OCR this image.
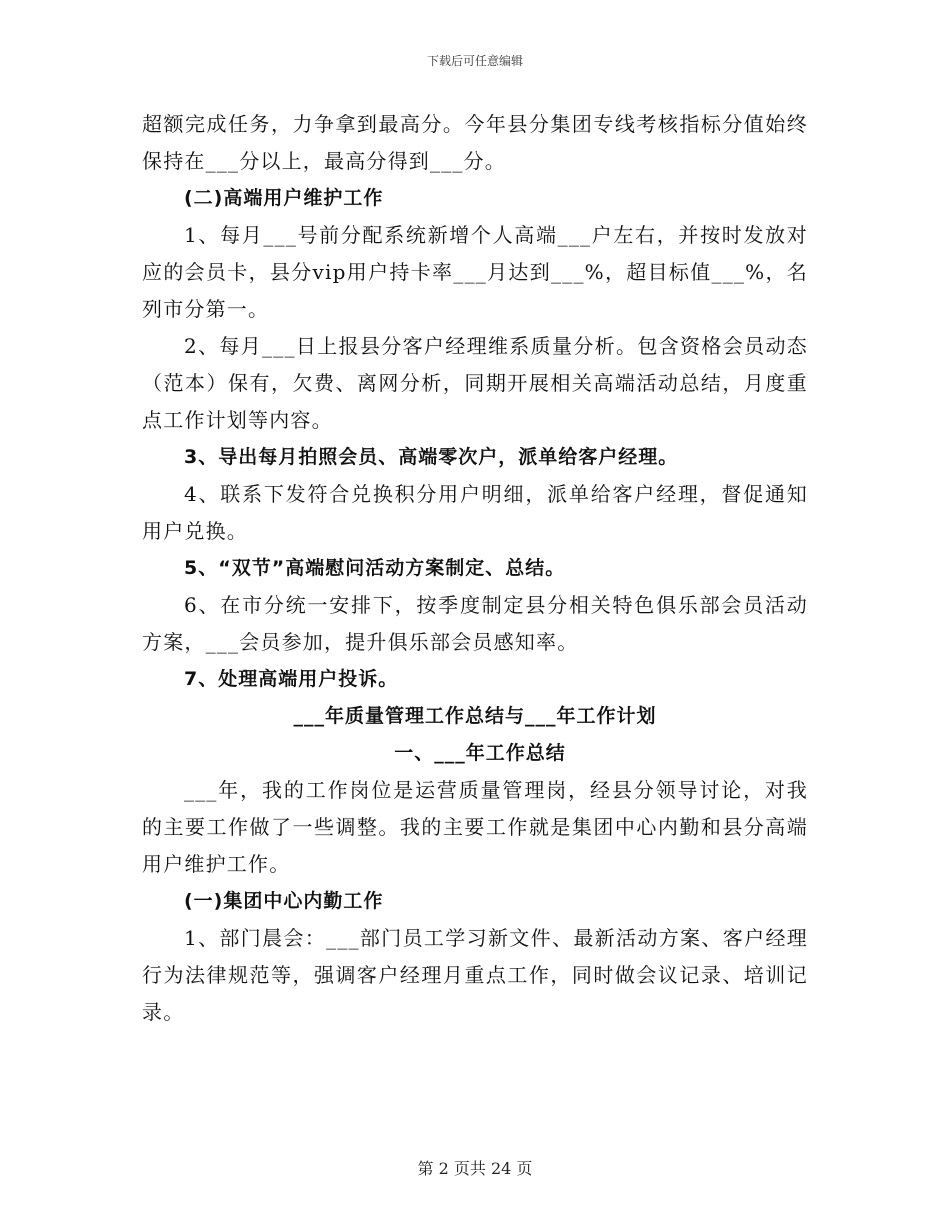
下载后可任意编辑

超额完成任务，力争拿到最高分。今年县分集团专线考核指标分值始终保持在___分以上，最高分得到___分。

(二)高端用户维护工作

1、每月___号前分配系统新增个人高端___户左右，并按时发放对应的会员卡，县分vip用户持卡率___月达到___%，超目标值___%，名列市分第一。

2、每月___日上报县分客户经理维系质量分析。包含资格会员动态（范本）保有，欠费、离网分析，同期开展相关高端活动总结，月度重点工作计划等内容。

3、导出每月拍照会员、高端零次户，派单给客户经理。

4、联系下发符合兑换积分用户明细，派单给客户经理，督促通知用户兑换。

5、“双节”高端慰问活动方案制定、总结。

6、在市分统一安排下，按季度制定县分相关特色俱乐部会员活动方案，___会员参加，提升俱乐部会员感知率。

7、处理高端用户投诉。

___年质量管理工作总结与___年工作计划

一、___年工作总结

___年，我的工作岗位是运营质量管理岗，经县分领导讨论，对我的主要工作做了一些调整。我的主要工作就是集团中心内勤和县分高端用户维护工作。

(一)集团中心内勤工作

1、部门晨会：___部门员工学习新文件、最新活动方案、客户经理行为法律规范等，强调客户经理月重点工作，同时做会议记录、培训记录。

第 2 页共 24 页
